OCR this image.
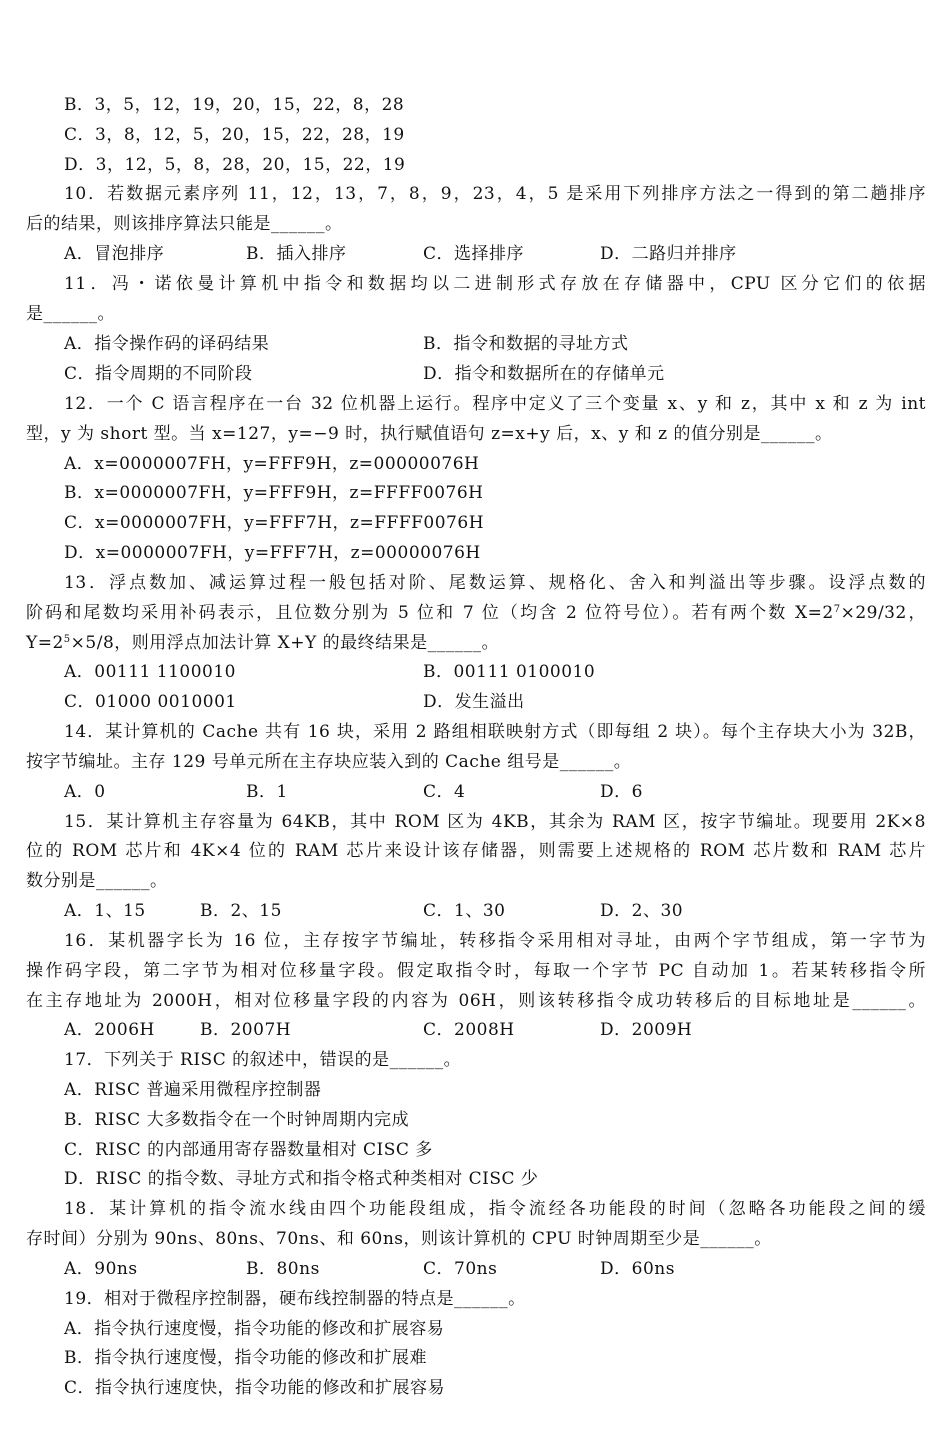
B．3，5，12，19，20，15，22，8，28
C．3，8，12，5，20，15，22，28，19
D．3，12，5，8，28，20，15，22，19
10．若数据元素序列 11，12，13，7，8，9，23，4，5 是采用下列排序方法之一得到的第二趟排序
后的结果，则该排序算法只能是______。
A．冒泡排序	B．插入排序	C．选择排序	D．二路归并排序
11．冯・诺依曼计算机中指令和数据均以二进制形式存放在存储器中，CPU 区分它们的依据
是______。
A．指令操作码的译码结果	B．指令和数据的寻址方式
C．指令周期的不同阶段	D．指令和数据所在的存储单元
12．一个 C 语言程序在一台 32 位机器上运行。程序中定义了三个变量 x、y 和 z，其中 x 和 z 为 int
型，y 为 short 型。当 x=127，y=−9 时，执行赋值语句 z=x+y 后，x、y 和 z 的值分别是______。
A．x=0000007FH，y=FFF9H，z=00000076H
B．x=0000007FH，y=FFF9H，z=FFFF0076H
C．x=0000007FH，y=FFF7H，z=FFFF0076H
D．x=0000007FH，y=FFF7H，z=00000076H
13．浮点数加、减运算过程一般包括对阶、尾数运算、规格化、舍入和判溢出等步骤。设浮点数的
阶码和尾数均采用补码表示，且位数分别为 5 位和 7 位（均含 2 位符号位）。若有两个数 $X=2^7\times 29/32$，
$Y=2^5\times 5/8$，则用浮点加法计算 X+Y 的最终结果是______。
A．00111 1100010	B．00111 0100010
C．01000 0010001	D．发生溢出
14．某计算机的 Cache 共有 16 块，采用 2 路组相联映射方式（即每组 2 块）。每个主存块大小为 32B，
按字节编址。主存 129 号单元所在主存块应装入到的 Cache 组号是______。
A．0	B．1	C．4	D．6
15．某计算机主存容量为 64KB，其中 ROM 区为 4KB，其余为 RAM 区，按字节编址。现要用 2K×8
位的 ROM 芯片和 4K×4 位的 RAM 芯片来设计该存储器，则需要上述规格的 ROM 芯片数和 RAM 芯片
数分别是______。
A．1、15	B．2、15	C．1、30	D．2、30
16．某机器字长为 16 位，主存按字节编址，转移指令采用相对寻址，由两个字节组成，第一字节为
操作码字段，第二字节为相对位移量字段。假定取指令时，每取一个字节 PC 自动加 1。若某转移指令所
在主存地址为 2000H，相对位移量字段的内容为 06H，则该转移指令成功转移后的目标地址是______。
A．2006H	B．2007H	C．2008H	D．2009H
17．下列关于 RISC 的叙述中，错误的是______。
A．RISC 普遍采用微程序控制器
B．RISC 大多数指令在一个时钟周期内完成
C．RISC 的内部通用寄存器数量相对 CISC 多
D．RISC 的指令数、寻址方式和指令格式种类相对 CISC 少
18．某计算机的指令流水线由四个功能段组成，指令流经各功能段的时间（忽略各功能段之间的缓
存时间）分别为 90ns、80ns、70ns、和 60ns，则该计算机的 CPU 时钟周期至少是______。
A．90ns	B．80ns	C．70ns	D．60ns
19．相对于微程序控制器，硬布线控制器的特点是______。
A．指令执行速度慢，指令功能的修改和扩展容易
B．指令执行速度慢，指令功能的修改和扩展难
C．指令执行速度快，指令功能的修改和扩展容易
